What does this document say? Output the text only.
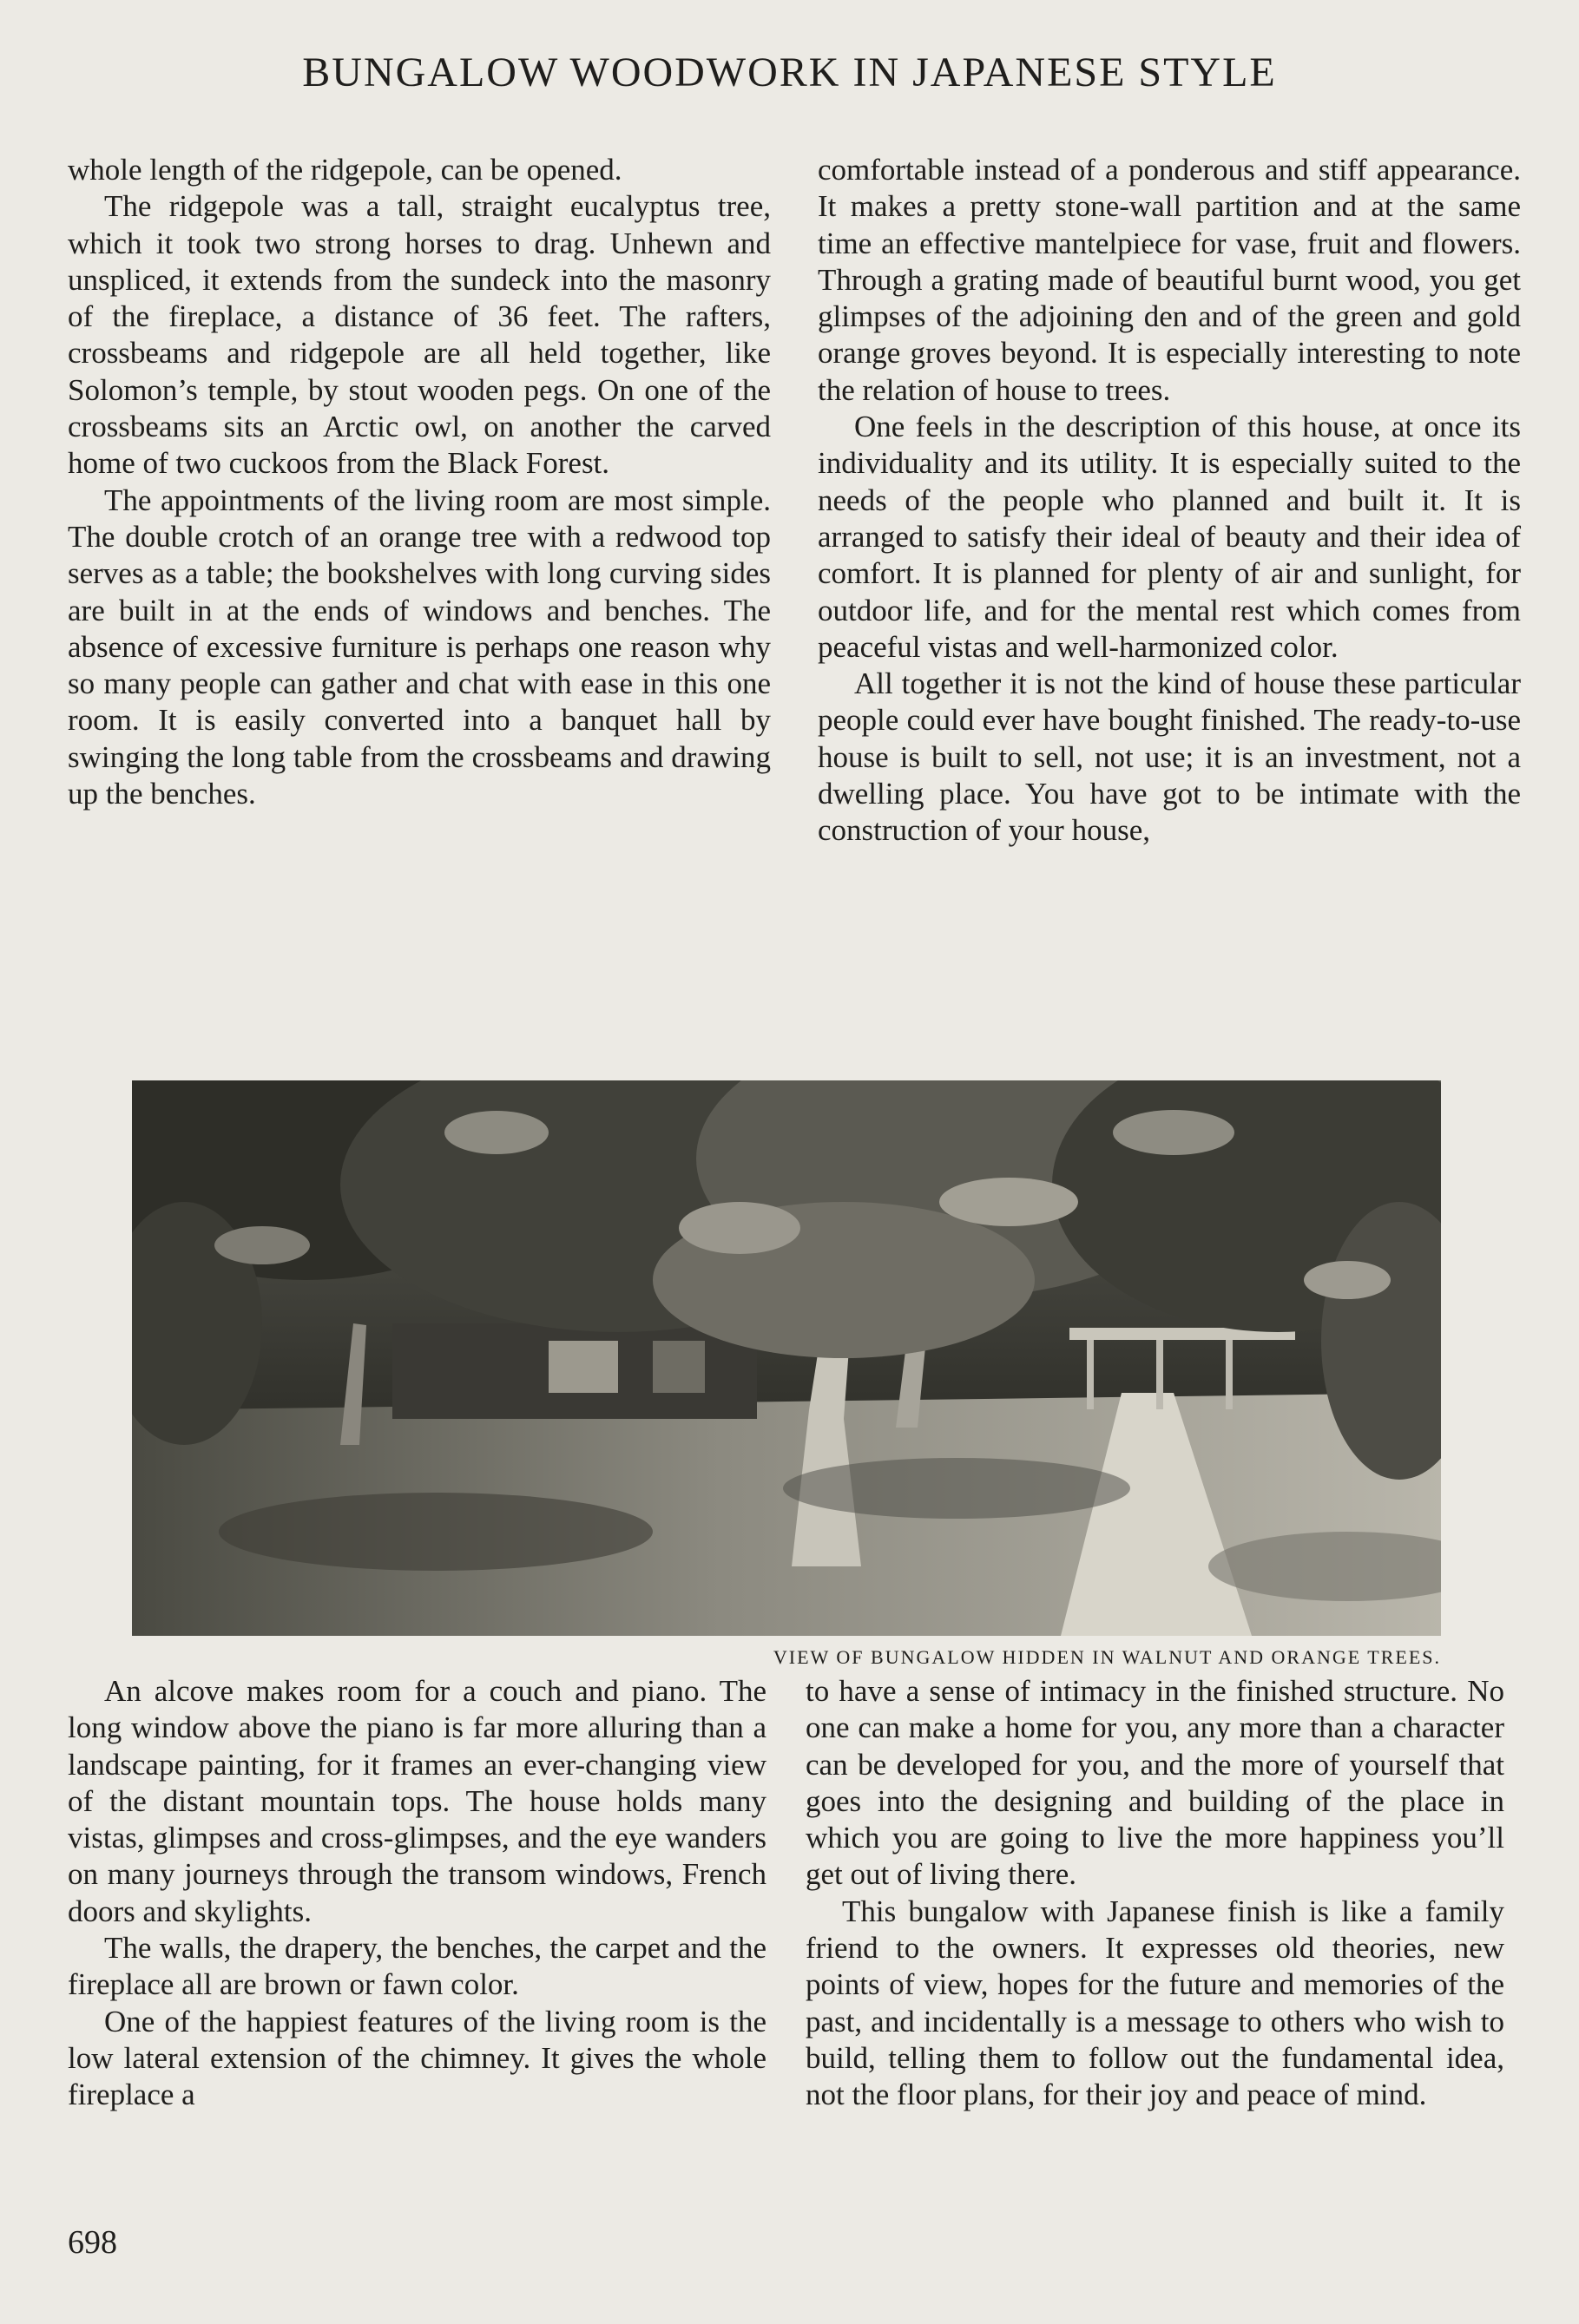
BUNGALOW WOODWORK IN JAPANESE STYLE

whole length of the ridgepole, can be opened.

The ridgepole was a tall, straight eucalyptus tree, which it took two strong horses to drag. Unhewn and unspliced, it extends from the sundeck into the masonry of the fireplace, a distance of 36 feet. The rafters, crossbeams and ridgepole are all held together, like Solomon’s temple, by stout wooden pegs. On one of the crossbeams sits an Arctic owl, on another the carved home of two cuckoos from the Black Forest.

The appointments of the living room are most simple. The double crotch of an orange tree with a redwood top serves as a table; the bookshelves with long curving sides are built in at the ends of windows and benches. The absence of excessive furniture is perhaps one reason why so many people can gather and chat with ease in this one room. It is easily converted into a banquet hall by swinging the long table from the crossbeams and drawing up the benches.

comfortable instead of a ponderous and stiff appearance. It makes a pretty stone-wall partition and at the same time an effective mantelpiece for vase, fruit and flowers. Through a grating made of beautiful burnt wood, you get glimpses of the adjoining den and of the green and gold orange groves beyond. It is especially interesting to note the relation of house to trees.

One feels in the description of this house, at once its individuality and its utility. It is especially suited to the needs of the people who planned and built it. It is arranged to satisfy their ideal of beauty and their idea of comfort. It is planned for plenty of air and sunlight, for outdoor life, and for the mental rest which comes from peaceful vistas and well-harmonized color.

All together it is not the kind of house these particular people could ever have bought finished. The ready-to-use house is built to sell, not use; it is an investment, not a dwelling place. You have got to be intimate with the construction of your house,

VIEW OF BUNGALOW HIDDEN IN WALNUT AND ORANGE TREES.

An alcove makes room for a couch and piano. The long window above the piano is far more alluring than a landscape painting, for it frames an ever-changing view of the distant mountain tops. The house holds many vistas, glimpses and cross-glimpses, and the eye wanders on many journeys through the transom windows, French doors and skylights.

The walls, the drapery, the benches, the carpet and the fireplace all are brown or fawn color.

One of the happiest features of the living room is the low lateral extension of the chimney. It gives the whole fireplace a

to have a sense of intimacy in the finished structure. No one can make a home for you, any more than a character can be developed for you, and the more of yourself that goes into the designing and building of the place in which you are going to live the more happiness you’ll get out of living there.

This bungalow with Japanese finish is like a family friend to the owners. It expresses old theories, new points of view, hopes for the future and memories of the past, and incidentally is a message to others who wish to build, telling them to follow out the fundamental idea, not the floor plans, for their joy and peace of mind.

698
